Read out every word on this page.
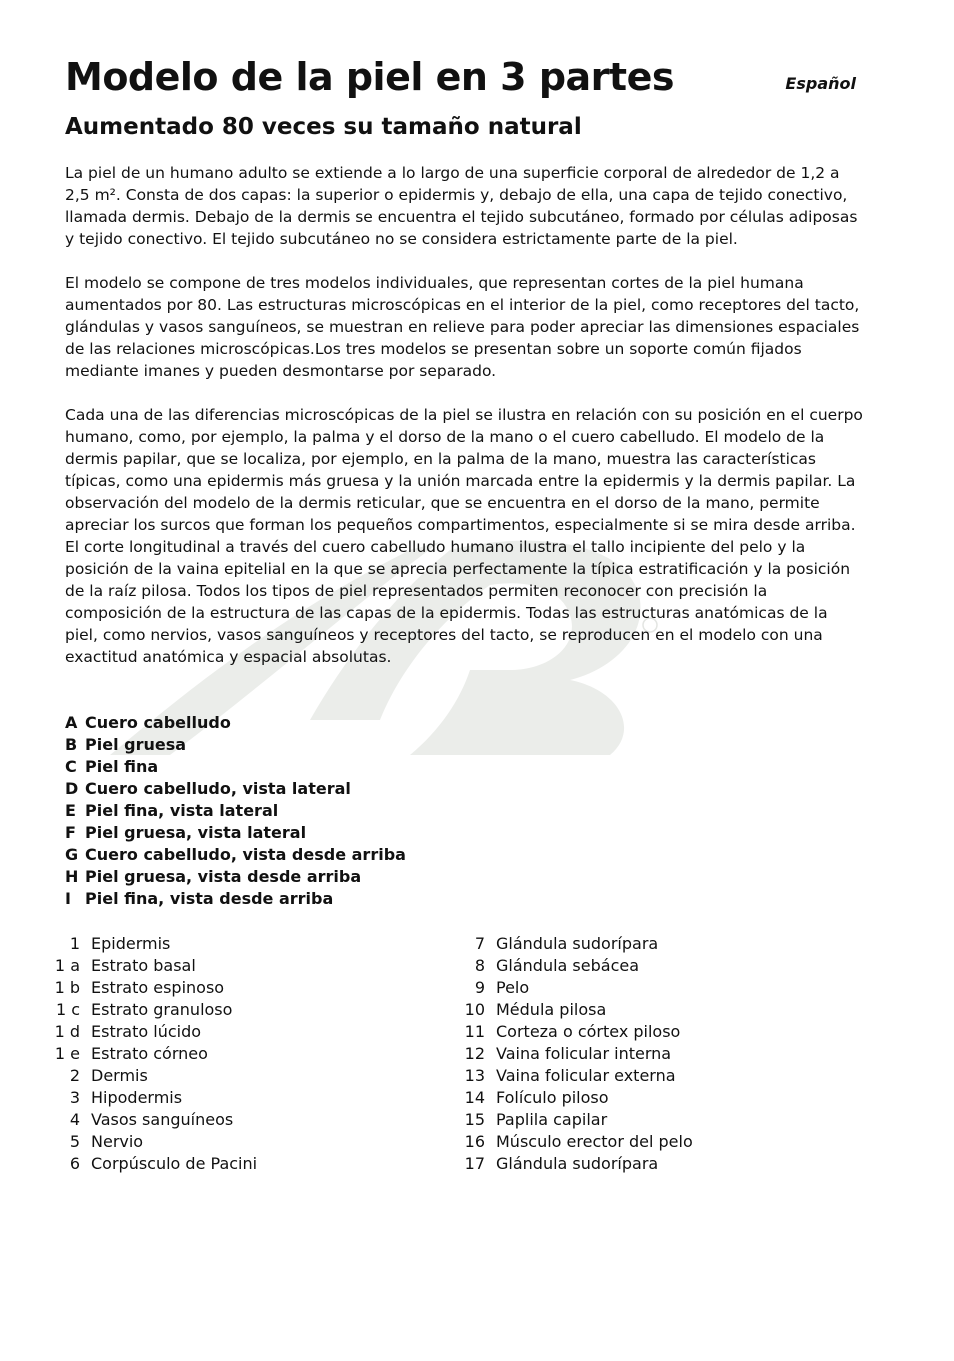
Modelo de la piel en 3 partes	Español
Aumentado 80 veces su tamaño natural

La piel de un humano adulto se extiende a lo largo de una superficie corporal de alrededor de 1,2 a 2,5 m². Consta de dos capas: la superior o epidermis y, debajo de ella, una capa de tejido conectivo, llamada dermis. Debajo de la dermis se encuentra el tejido subcutáneo, formado por células adiposas y tejido conectivo. El tejido subcutáneo no se considera estrictamente parte de la piel.

El modelo se compone de tres modelos individuales, que representan cortes de la piel humana aumentados por 80. Las estructuras microscópicas en el interior de la piel, como receptores del tacto, glándulas y vasos sanguíneos, se muestran en relieve para poder apreciar las dimensiones espaciales de las relaciones microscópicas.Los tres modelos se presentan sobre un soporte común fijados mediante imanes y pueden desmontarse por separado.

Cada una de las diferencias microscópicas de la piel se ilustra en relación con su posición en el cuerpo humano, como, por ejemplo, la palma y el dorso de la mano o el cuero cabelludo. El modelo de la dermis papilar, que se localiza, por ejemplo, en la palma de la mano, muestra las características típicas, como una epidermis más gruesa y la unión marcada entre la epidermis y la dermis papilar. La observación del modelo de la dermis reticular, que se encuentra en el dorso de la mano, permite apreciar los surcos que forman los pequeños compartimentos, especialmente si se mira desde arriba. El corte longitudinal a través del cuero cabelludo humano ilustra el tallo incipiente del pelo y la posición de la vaina epitelial en la que se aprecia perfectamente la típica estratificación y la posición de la raíz pilosa. Todos los tipos de piel representados permiten reconocer con precisión la composición de la estructura de las capas de la epidermis. Todas las estructuras anatómicas de la piel, como nervios, vasos sanguíneos y receptores del tacto, se reproducen en el modelo con una exactitud anatómica y espacial absolutas.

A Cuero cabelludo
B Piel gruesa
C Piel fina
D Cuero cabelludo, vista lateral
E Piel fina, vista lateral
F Piel gruesa, vista lateral
G Cuero cabelludo, vista desde arriba
H Piel gruesa, vista desde arriba
I Piel fina, vista desde arriba
1 Epidermis
1 a Estrato basal
1 b Estrato espinoso
1 c Estrato granuloso
1 d Estrato lúcido
1 e Estrato córneo
2 Dermis
3 Hipodermis
4 Vasos sanguíneos
5 Nervio
6 Corpúsculo de Pacini
7 Glándula sudorípara
8 Glándula sebácea
9 Pelo
10 Médula pilosa
11 Corteza o córtex piloso
12 Vaina folicular interna
13 Vaina folicular externa
14 Folículo piloso
15 Paplila capilar
16 Músculo erector del pelo
17 Glándula sudorípara
